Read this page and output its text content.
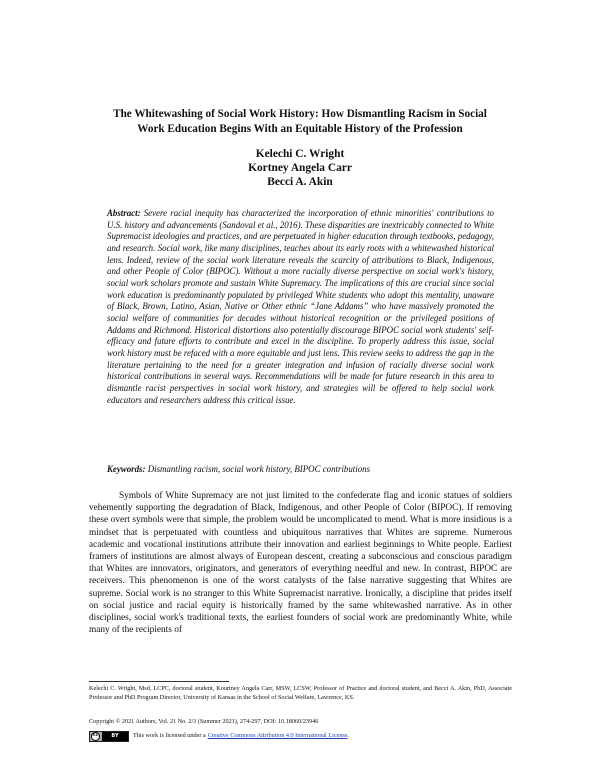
The Whitewashing of Social Work History: How Dismantling Racism in Social Work Education Begins With an Equitable History of the Profession
Kelechi C. Wright
Kortney Angela Carr
Becci A. Akin
Abstract: Severe racial inequity has characterized the incorporation of ethnic minorities' contributions to U.S. history and advancements (Sandoval et al., 2016). These disparities are inextricably connected to White Supremacist ideologies and practices, and are perpetuated in higher education through textbooks, pedagogy, and research. Social work, like many disciplines, teaches about its early roots with a whitewashed historical lens. Indeed, review of the social work literature reveals the scarcity of attributions to Black, Indigenous, and other People of Color (BIPOC). Without a more racially diverse perspective on social work's history, social work scholars promote and sustain White Supremacy. The implications of this are crucial since social work education is predominantly populated by privileged White students who adopt this mentality, unaware of Black, Brown, Latino, Asian, Native or Other ethnic “Jane Addams” who have massively promoted the social welfare of communities for decades without historical recognition or the privileged positions of Addams and Richmond. Historical distortions also potentially discourage BIPOC social work students' self-efficacy and future efforts to contribute and excel in the discipline. To properly address this issue, social work history must be refaced with a more equitable and just lens. This review seeks to address the gap in the literature pertaining to the need for a greater integration and infusion of racially diverse social work historical contributions in several ways. Recommendations will be made for future research in this area to dismantle racist perspectives in social work history, and strategies will be offered to help social work educators and researchers address this critical issue.
Keywords: Dismantling racism, social work history, BIPOC contributions
Symbols of White Supremacy are not just limited to the confederate flag and iconic statues of soldiers vehemently supporting the degradation of Black, Indigenous, and other People of Color (BIPOC). If removing these overt symbols were that simple, the problem would be uncomplicated to mend. What is more insidious is a mindset that is perpetuated with countless and ubiquitous narratives that Whites are supreme. Numerous academic and vocational institutions attribute their innovation and earliest beginnings to White people. Earliest framers of institutions are almost always of European descent, creating a subconscious and conscious paradigm that Whites are innovators, originators, and generators of everything needful and new. In contrast, BIPOC are receivers. This phenomenon is one of the worst catalysts of the false narrative suggesting that Whites are supreme. Social work is no stranger to this White Supremacist narrative. Ironically, a discipline that prides itself on social justice and racial equity is historically framed by the same whitewashed narrative. As in other disciplines, social work's traditional texts, the earliest founders of social work are predominantly White, while many of the recipients of
Kelechi C. Wright, Msd, LCPC, doctoral student, Kourtney Angela Carr, MSW, LCSW, Professor of Practice and doctoral student, and Becci A. Akin, PhD, Associate Professor and PhD Program Director, University of Kansas in the School of Social Welfare, Lawrence, KS.
Copyright © 2021 Authors, Vol. 21 No. 2/3 (Summer 2021), 274-297, DOI: 10.18060/23946
cc	BY	This work is licensed under a Creative Commons Attribution 4.0 International License .
